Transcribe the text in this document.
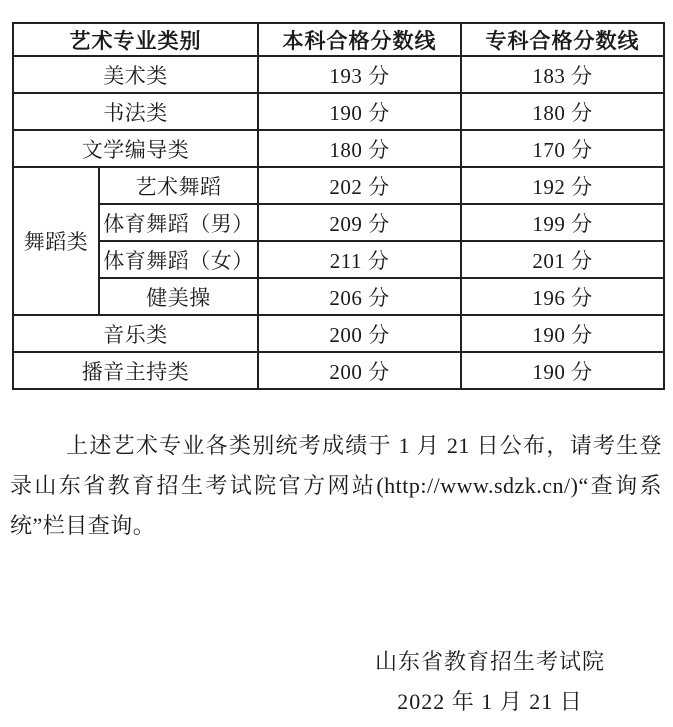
艺术专业类别		本科合格分数线	专科合格分数线
美术类		193 分	183 分
书法类		190 分	180 分
文学编导类		180 分	170 分
舞蹈类	艺术舞蹈	202 分	192 分
	体育舞蹈（男）	209 分	199 分
	体育舞蹈（女）	211 分	201 分
	健美操	206 分	196 分
音乐类		200 分	190 分
播音主持类		200 分	190 分

上述艺术专业各类别统考成绩于 1 月 21 日公布，请考生登录山东省教育招生考试院官方网站(http://www.sdzk.cn/)“查询系统”栏目查询。

山东省教育招生考试院
2022 年 1 月 21 日
